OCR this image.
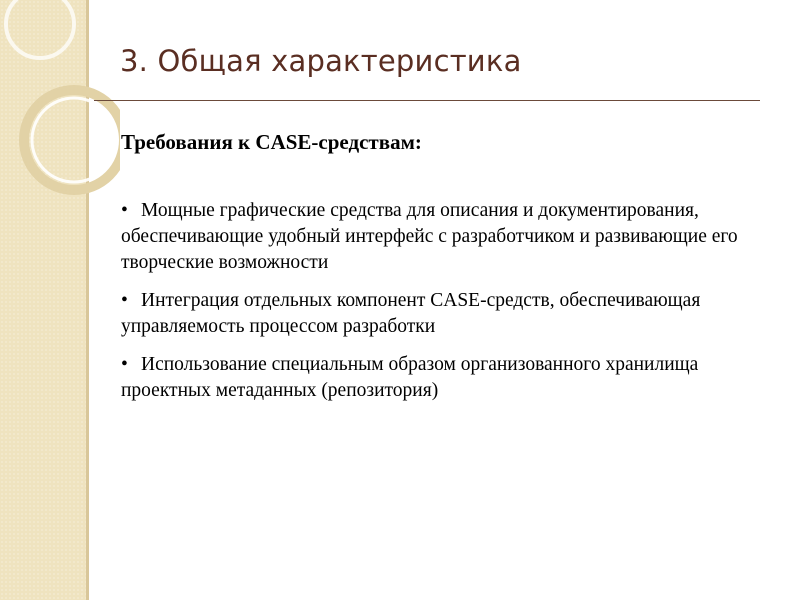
3. Общая характеристика
Требования к CASE-средствам:
• Мощные графические средства для описания и документирования, обеспечивающие удобный интерфейс с разработчиком и развивающие его творческие возможности
• Интеграция отдельных компонент CASE-средств, обеспечивающая управляемость процессом разработки
• Использование специальным образом организованного хранилища проектных метаданных (репозитория)
